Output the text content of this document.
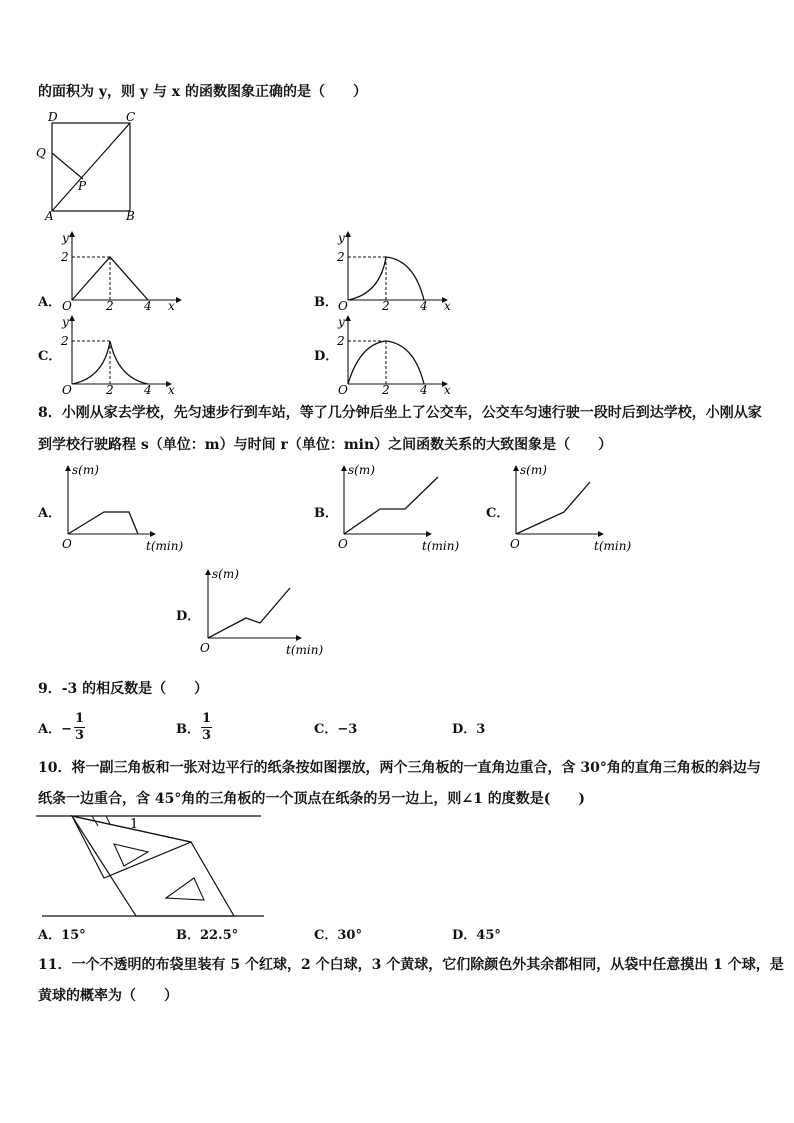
的面积为 y，则 y 与 x 的函数图象正确的是（　　）
D	C
Q
P
A	B
A．
y
2
O	2	4 x	B．
y
2
O	2	4 x
C．
y
2
O	2	4 x
D．
y
2
O	2	4 x
8．小刚从家去学校，先匀速步行到车站，等了几分钟后坐上了公交车，公交车匀速行驶一段时后到达学校，小刚从家
到学校行驶路程 s（单位：m）与时间 r（单位：min）之间函数关系的大致图象是（　　）
A．
s(m)
O	t(min)
B．
s(m)
O	t(min)
C．
s(m)
O	t(min)
D．
s(m)
O	t(min)
9．-3 的相反数是（　　）
A．−
1
3	B．
1
3	C．−3	D．3
10．将一副三角板和一张对边平行的纸条按如图摆放，两个三角板的一直角边重合，含 30°角的直角三角板的斜边与
纸条一边重合，含 45°角的三角板的一个顶点在纸条的另一边上，则∠1 的度数是(　　)
1
A．15°	B．22.5°	C．30°	D．45°
11．一个不透明的布袋里装有 5 个红球，2 个白球，3 个黄球，它们除颜色外其余都相同，从袋中任意摸出 1 个球，是
黄球的概率为（　　）
